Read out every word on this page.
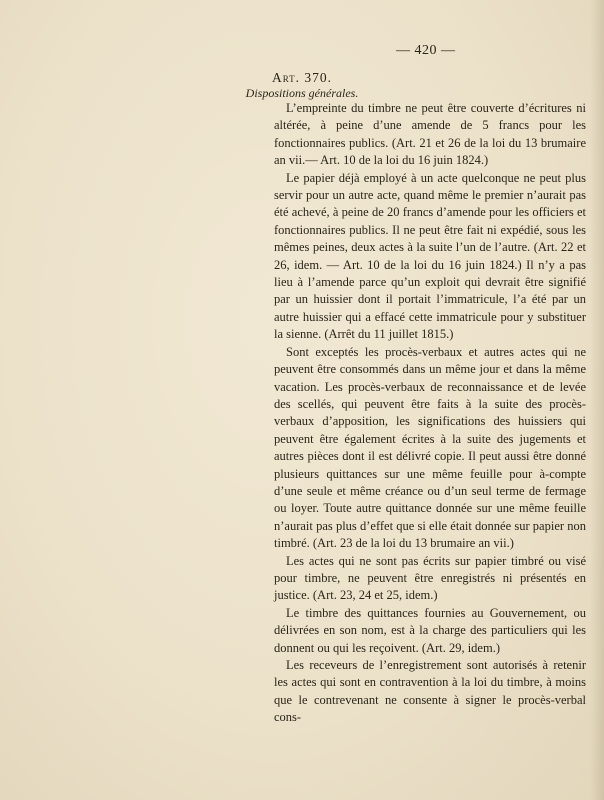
— 420 —
Art. 370.
Dispositions générales.

L’empreinte du timbre ne peut être couverte d’écritures ni altérée, à peine d’une amende de 5 francs pour les fonctionnaires publics. (Art. 21 et 26 de la loi du 13 brumaire an vii.— Art. 10 de la loi du 16 juin 1824.)

Le papier déjà employé à un acte quelconque ne peut plus servir pour un autre acte, quand même le premier n’aurait pas été achevé, à peine de 20 francs d’amende pour les officiers et fonctionnaires publics. Il ne peut être fait ni expédié, sous les mêmes peines, deux actes à la suite l’un de l’autre. (Art. 22 et 26, idem. — Art. 10 de la loi du 16 juin 1824.) Il n’y a pas lieu à l’amende parce qu’un exploit qui devrait être signifié par un huissier dont il portait l’immatricule, l’a été par un autre huissier qui a effacé cette immatricule pour y substituer la sienne. (Arrêt du 11 juillet 1815.)

Sont exceptés les procès-verbaux et autres actes qui ne peuvent être consommés dans un même jour et dans la même vacation. Les procès-verbaux de reconnaissance et de levée des scellés, qui peuvent être faits à la suite des procès-verbaux d’apposition, les significations des huissiers qui peuvent être également écrites à la suite des jugements et autres pièces dont il est délivré copie. Il peut aussi être donné plusieurs quittances sur une même feuille pour à-compte d’une seule et même créance ou d’un seul terme de fermage ou loyer. Toute autre quittance donnée sur une même feuille n’aurait pas plus d’effet que si elle était donnée sur papier non timbré. (Art. 23 de la loi du 13 brumaire an vii.)

Les actes qui ne sont pas écrits sur papier timbré ou visé pour timbre, ne peuvent être enregistrés ni présentés en justice. (Art. 23, 24 et 25, idem.)

Le timbre des quittances fournies au Gouvernement, ou délivrées en son nom, est à la charge des particuliers qui les donnent ou qui les reçoivent. (Art. 29, idem.)

Les receveurs de l’enregistrement sont autorisés à retenir les actes qui sont en contravention à la loi du timbre, à moins que le contrevenant ne consente à signer le procès-verbal cons-
